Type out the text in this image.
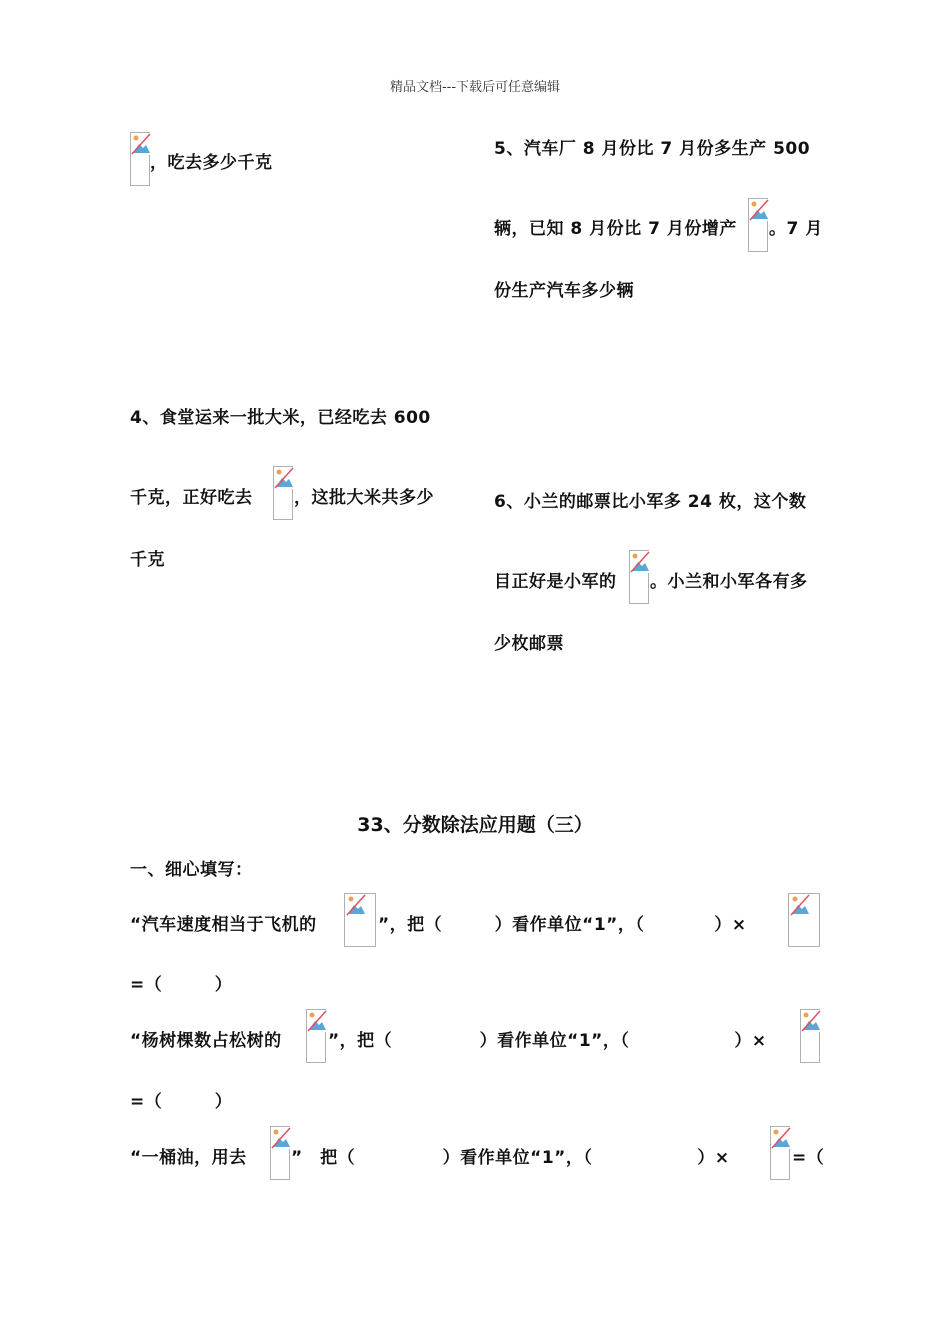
精品文档---下载后可任意编辑
，吃去多少千克
4、食堂运来一批大米，已经吃去 600
千克，正好吃去 ，这批大米共多少
千克
5、汽车厂 8 月份比 7 月份多生产 500
辆，已知 8 月份比 7 月份增产 。7 月
份生产汽车多少辆
6、小兰的邮票比小军多 24 枚，这个数
目正好是小军的 。小兰和小军各有多
少枚邮票
33、分数除法应用题（三）
一、细心填写：
“汽车速度相当于飞机的	”，把（　　　）看作单位“1”，（　　　　）×
=（　　　）
“杨树棵数占松树的	”，把（　　　　　）看作单位“1”，（　　　　　　）×
=（　　　）
“一桶油，用去	”　把（　　　　　）看作单位“1”，（　　　　　　）×	=（
